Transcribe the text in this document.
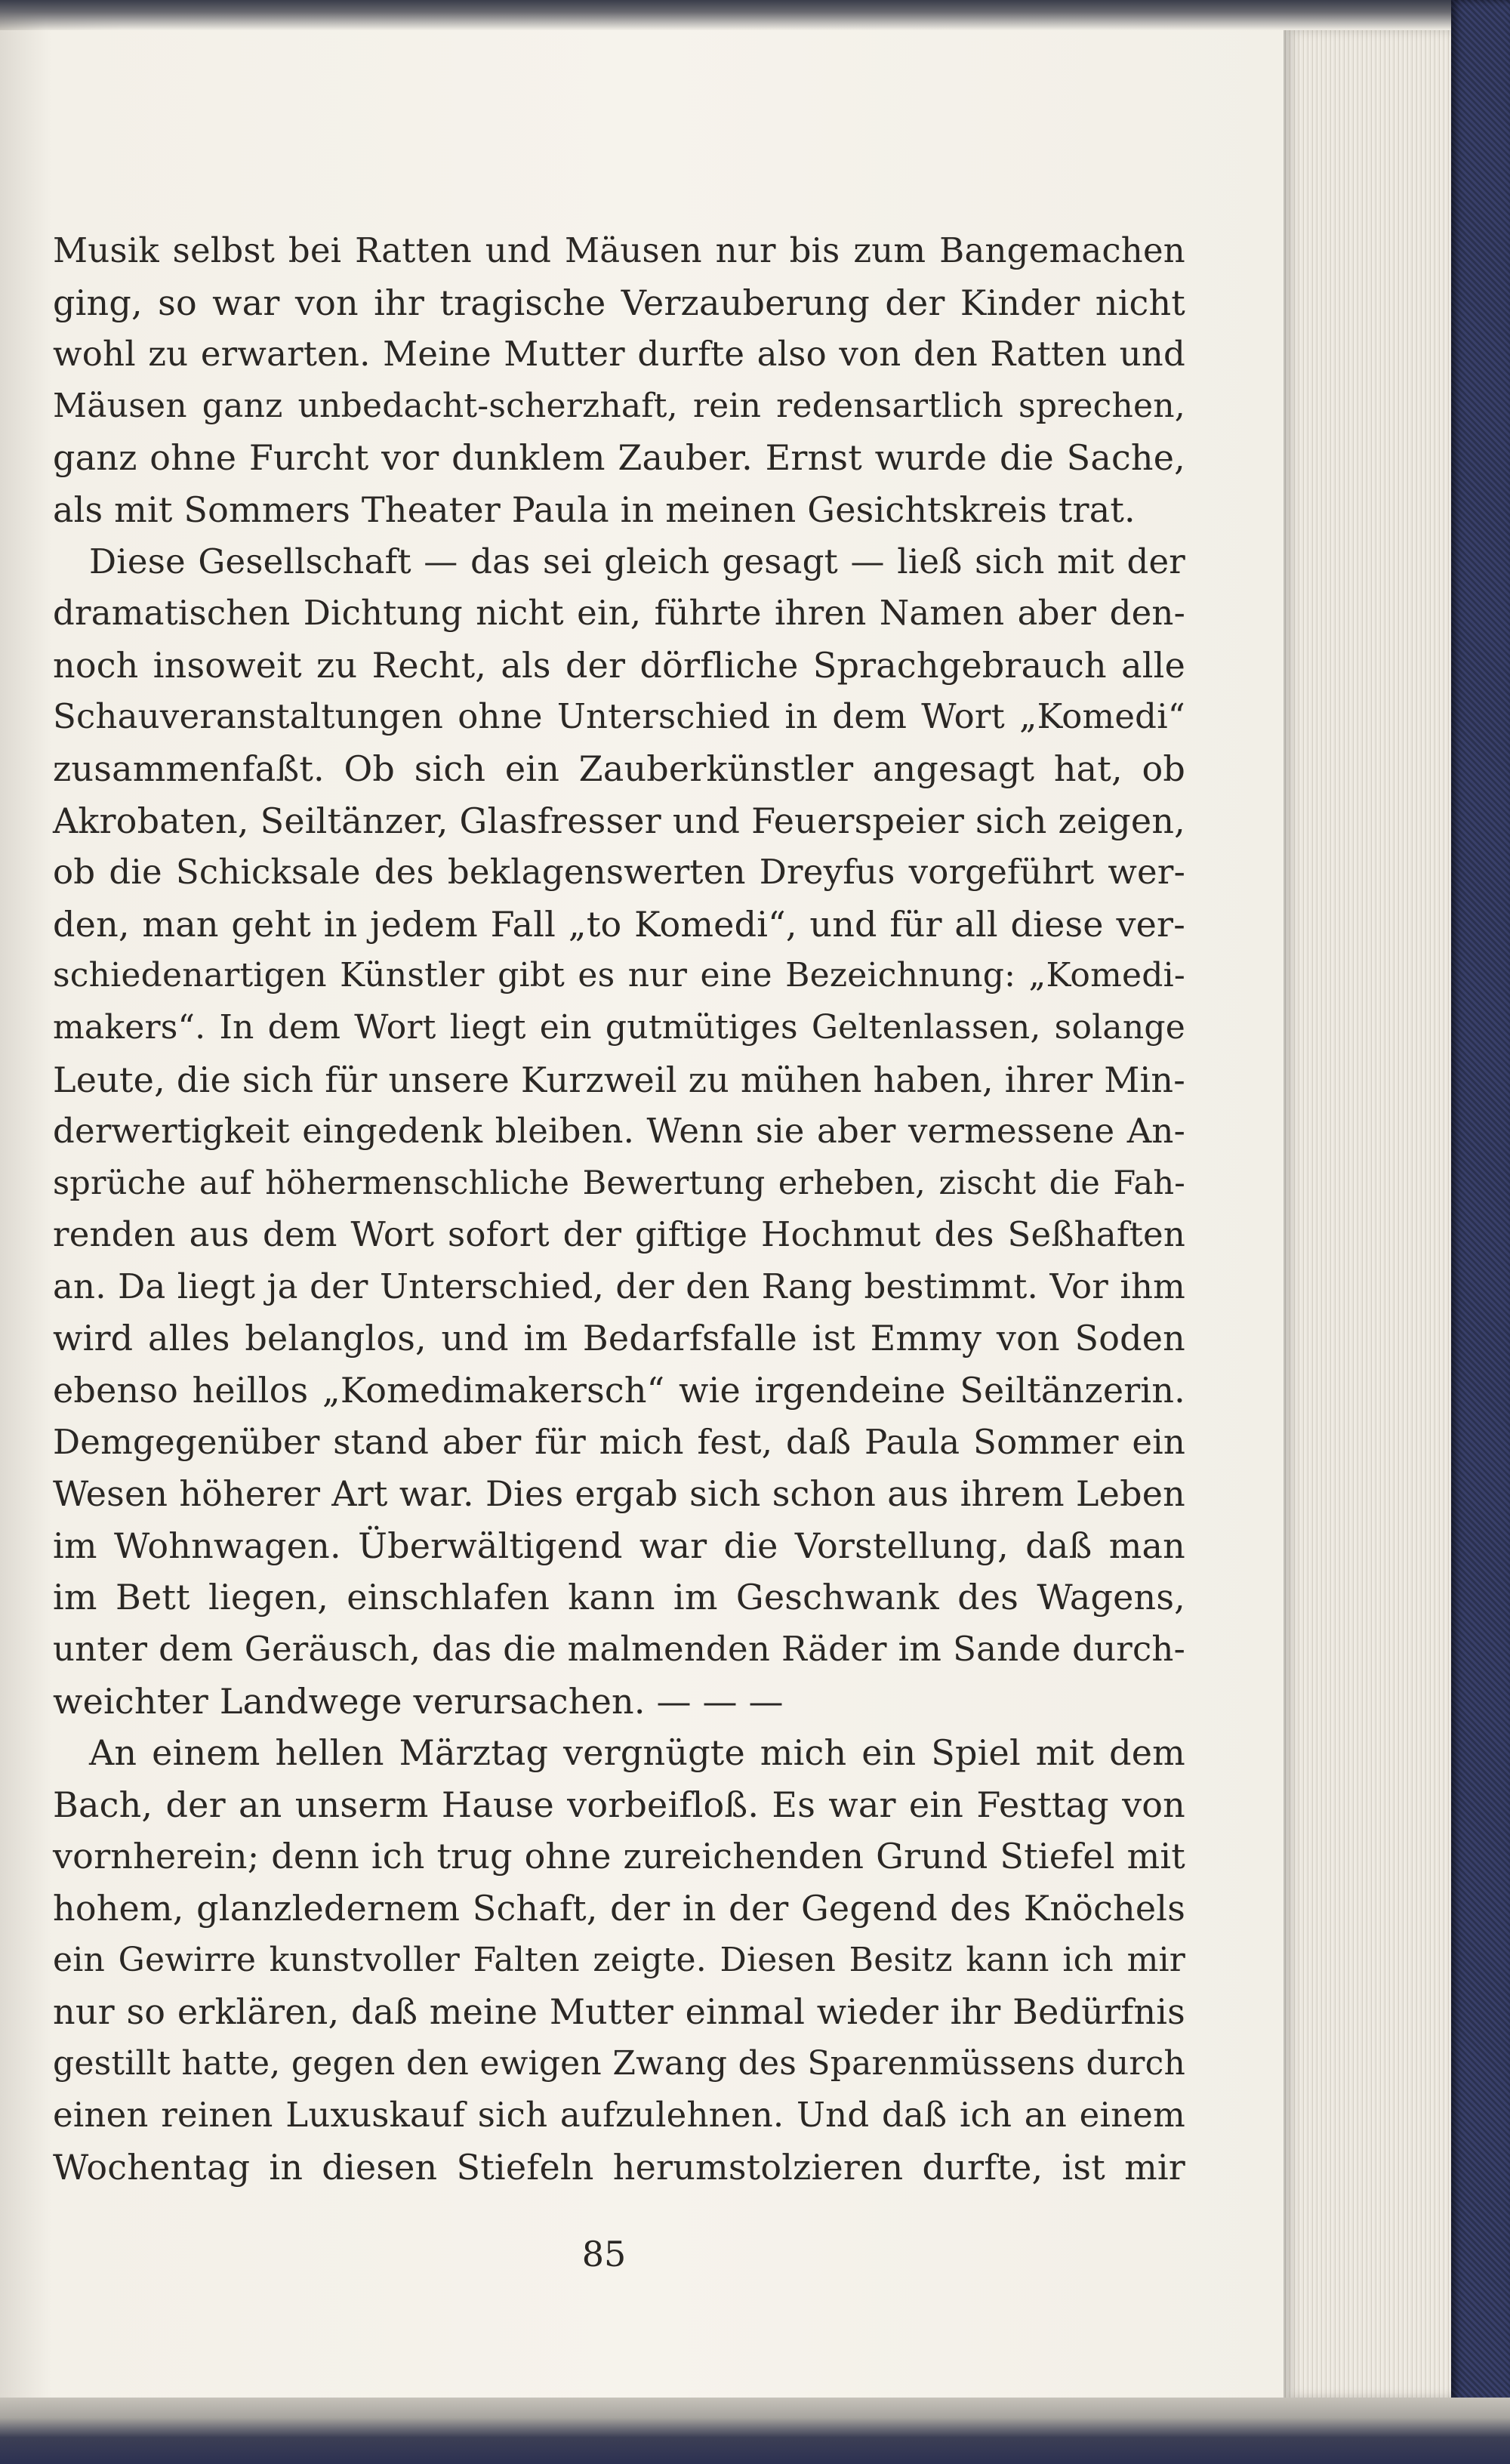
Musik selbst bei Ratten und Mäusen nur bis zum Bangemachen
ging, so war von ihr tragische Verzauberung der Kinder nicht
wohl zu erwarten. Meine Mutter durfte also von den Ratten und
Mäusen ganz unbedacht-scherzhaft, rein redensartlich sprechen,
ganz ohne Furcht vor dunklem Zauber. Ernst wurde die Sache,
als mit Sommers Theater Paula in meinen Gesichtskreis trat.
Diese Gesellschaft — das sei gleich gesagt — ließ sich mit der
dramatischen Dichtung nicht ein, führte ihren Namen aber den-
noch insoweit zu Recht, als der dörfliche Sprachgebrauch alle
Schauveranstaltungen ohne Unterschied in dem Wort „Komedi“
zusammenfaßt. Ob sich ein Zauberkünstler angesagt hat, ob
Akrobaten, Seiltänzer, Glasfresser und Feuerspeier sich zeigen,
ob die Schicksale des beklagenswerten Dreyfus vorgeführt wer-
den, man geht in jedem Fall „to Komedi“, und für all diese ver-
schiedenartigen Künstler gibt es nur eine Bezeichnung: „Komedi-
makers“. In dem Wort liegt ein gutmütiges Geltenlassen, solange
Leute, die sich für unsere Kurzweil zu mühen haben, ihrer Min-
derwertigkeit eingedenk bleiben. Wenn sie aber vermessene An-
sprüche auf höhermenschliche Bewertung erheben, zischt die Fah-
renden aus dem Wort sofort der giftige Hochmut des Seßhaften
an. Da liegt ja der Unterschied, der den Rang bestimmt. Vor ihm
wird alles belanglos, und im Bedarfsfalle ist Emmy von Soden
ebenso heillos „Komedimakersch“ wie irgendeine Seiltänzerin.
Demgegenüber stand aber für mich fest, daß Paula Sommer ein
Wesen höherer Art war. Dies ergab sich schon aus ihrem Leben
im Wohnwagen. Überwältigend war die Vorstellung, daß man
im Bett liegen, einschlafen kann im Geschwank des Wagens,
unter dem Geräusch, das die malmenden Räder im Sande durch-
weichter Landwege verursachen. — — —
An einem hellen Märztag vergnügte mich ein Spiel mit dem
Bach, der an unserm Hause vorbeifloß. Es war ein Festtag von
vornherein; denn ich trug ohne zureichenden Grund Stiefel mit
hohem, glanzledernem Schaft, der in der Gegend des Knöchels
ein Gewirre kunstvoller Falten zeigte. Diesen Besitz kann ich mir
nur so erklären, daß meine Mutter einmal wieder ihr Bedürfnis
gestillt hatte, gegen den ewigen Zwang des Sparenmüssens durch
einen reinen Luxuskauf sich aufzulehnen. Und daß ich an einem
Wochentag in diesen Stiefeln herumstolzieren durfte, ist mir
85
